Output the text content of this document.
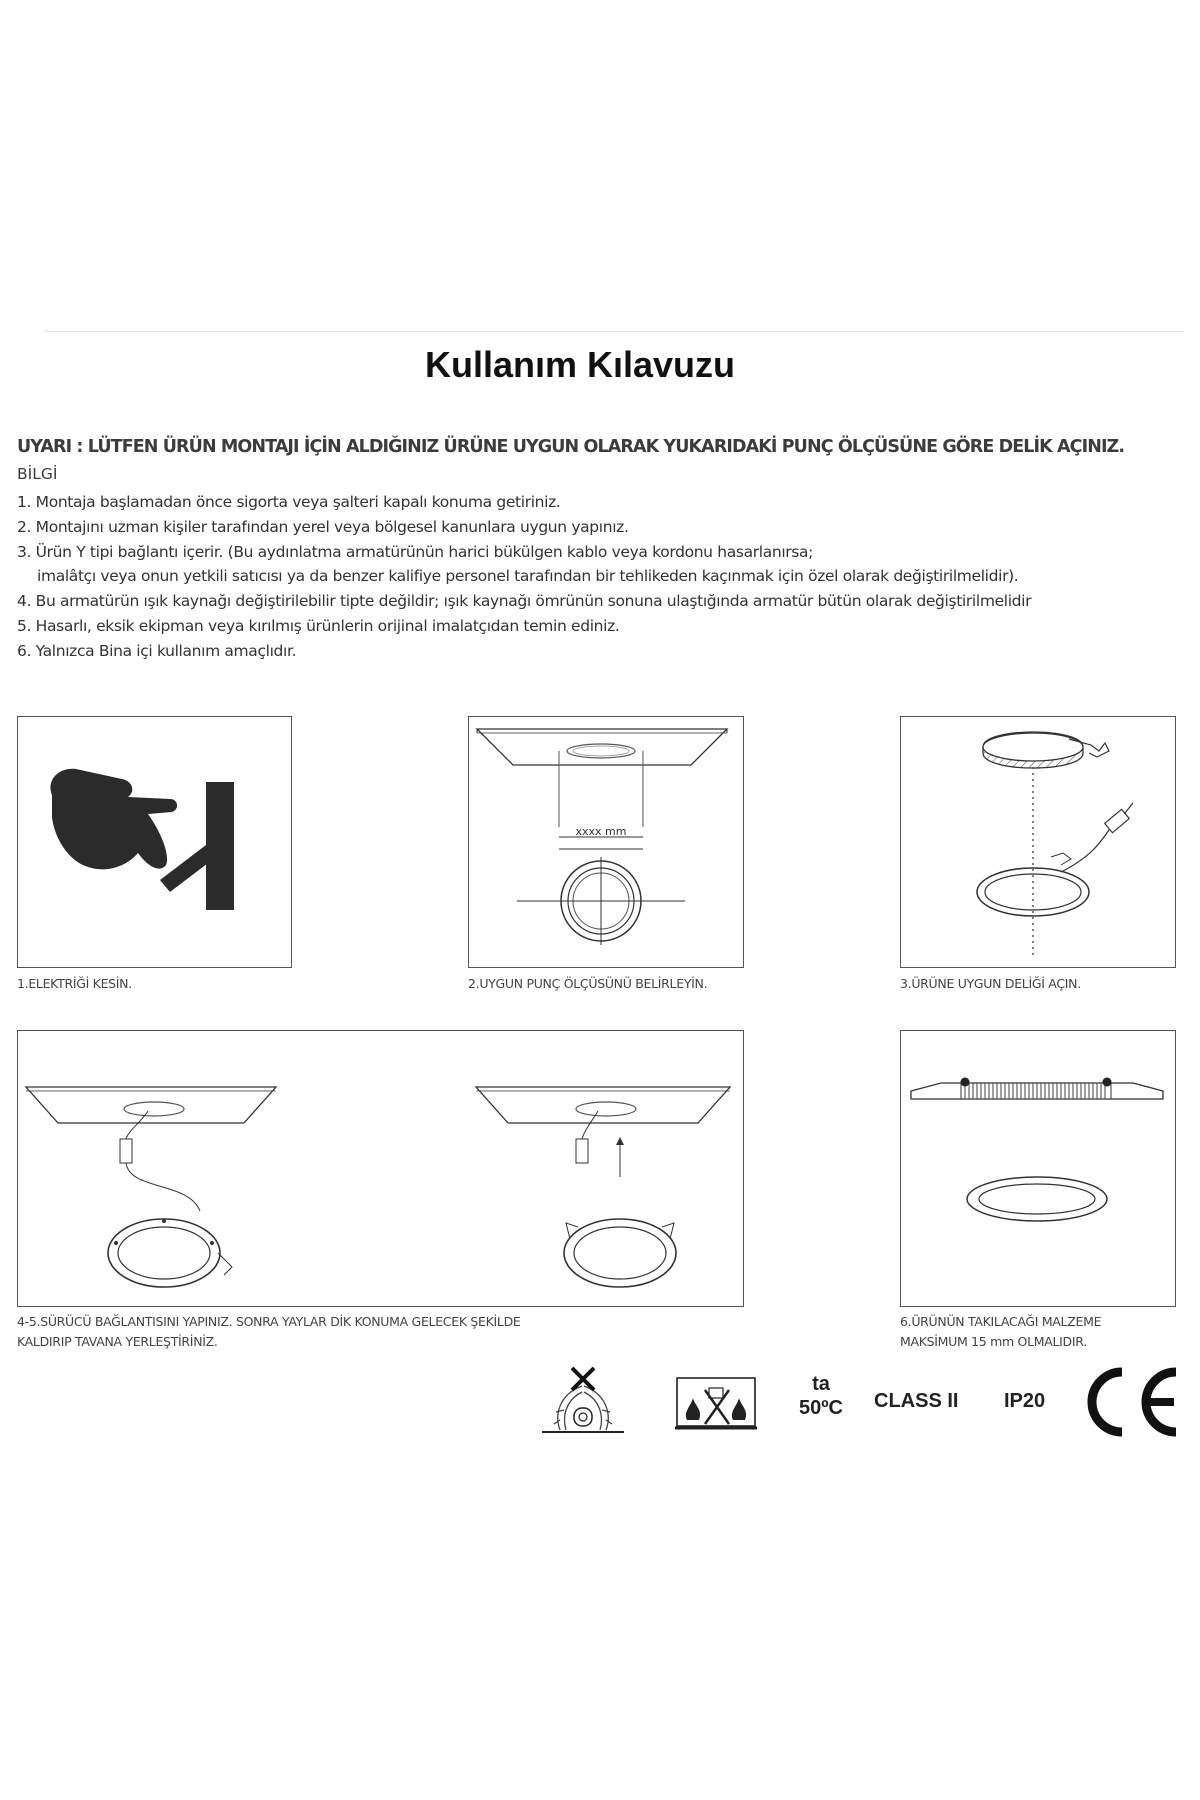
Kullanım Kılavuzu
UYARI : LÜTFEN ÜRÜN MONTAJI İÇİN ALDIĞINIZ ÜRÜNE UYGUN OLARAK YUKARIDAKİ PUNÇ ÖLÇÜSÜNE GÖRE DELİK AÇINIZ.
BİLGİ
1. Montaja başlamadan önce sigorta veya şalteri kapalı konuma getiriniz.
2. Montajını uzman kişiler tarafından yerel veya bölgesel kanunlara uygun yapınız.
3. Ürün Y tipi bağlantı içerir. (Bu aydınlatma armatürünün harici bükülgen kablo veya kordonu hasarlanırsa;
imalâtçı veya onun yetkili satıcısı ya da benzer kalifiye personel tarafından bir tehlikeden kaçınmak için özel olarak değiştirilmelidir).
4. Bu armatürün ışık kaynağı değiştirilebilir tipte değildir; ışık kaynağı ömrünün sonuna ulaştığında armatür bütün olarak değiştirilmelidir
5. Hasarlı, eksik ekipman veya kırılmış ürünlerin orijinal imalatçıdan temin ediniz.
6. Yalnızca Bina içi kullanım amaçlıdır.
1.ELEKTRİĞİ KESİN.
xxxx mm
2.UYGUN PUNÇ ÖLÇÜSÜNÜ BELİRLEYİN.	3.ÜRÜNE UYGUN DELİĞİ AÇIN.
4-5.SÜRÜCÜ BAĞLANTISINI YAPINIZ. SONRA YAYLAR DİK KONUMA GELECEK ŞEKİLDE
KALDIRIP TAVANA YERLEŞTİRİNİZ.
6.ÜRÜNÜN TAKILACAĞI MALZEME
MAKSİMUM 15 mm OLMALIDIR.
ta
50ºC	CLASS II IP20
CE
